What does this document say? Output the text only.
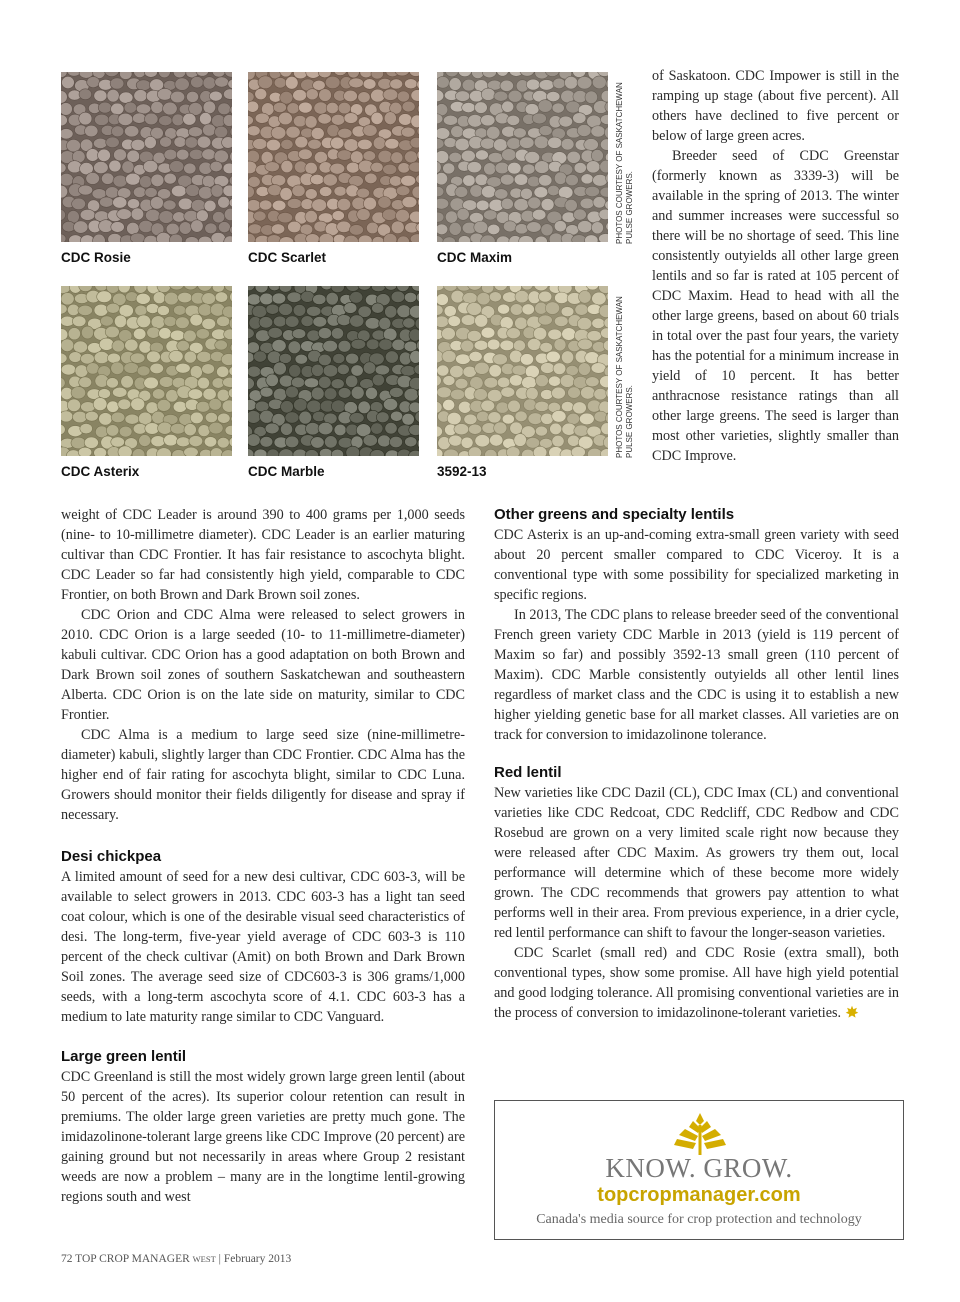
CDC Rosie	CDC Scarlet	CDC Maxim
CDC Asterix	CDC Marble	3592-13
PHOTOS COURTESY OF SASKATCHEWAN PULSE GROWERS.
PHOTOS COURTESY OF SASKATCHEWAN PULSE GROWERS.

of Saskatoon. CDC Impower is still in the ramping up stage (about five percent). All others have declined to five percent or below of large green acres.

Breeder seed of CDC Greenstar (formerly known as 3339-3) will be available in the spring of 2013. The winter and summer increases were successful so there will be no shortage of seed. This line consistently outyields all other large green lentils and so far is rated at 105 percent of CDC Maxim. Head to head with all the other large greens, based on about 60 trials in total over the past four years, the variety has the potential for a minimum increase in yield of 10 percent. It has better anthracnose resistance ratings than all other large greens. The seed is larger than most other varieties, slightly smaller than CDC Improve.

weight of CDC Leader is around 390 to 400 grams per 1,000 seeds (nine- to 10-millimetre diameter). CDC Leader is an earlier maturing cultivar than CDC Frontier. It has fair resistance to ascochyta blight. CDC Leader so far had consistently high yield, comparable to CDC Frontier, on both Brown and Dark Brown soil zones.

CDC Orion and CDC Alma were released to select growers in 2010. CDC Orion is a large seeded (10- to 11-millimetre-diameter) kabuli cultivar. CDC Orion has a good adaptation on both Brown and Dark Brown soil zones of southern Saskatchewan and southeastern Alberta. CDC Orion is on the late side on maturity, similar to CDC Frontier.

CDC Alma is a medium to large seed size (nine-millimetre-diameter) kabuli, slightly larger than CDC Frontier. CDC Alma has the higher end of fair rating for ascochyta blight, similar to CDC Luna. Growers should monitor their fields diligently for disease and spray if necessary.

Desi chickpea

A limited amount of seed for a new desi cultivar, CDC 603-3, will be available to select growers in 2013. CDC 603-3 has a light tan seed coat colour, which is one of the desirable visual seed characteristics of desi. The long-term, five-year yield average of CDC 603-3 is 110 percent of the check cultivar (Amit) on both Brown and Dark Brown Soil zones. The average seed size of CDC603-3 is 306 grams/1,000 seeds, with a long-term ascochyta score of 4.1. CDC 603-3 has a medium to late maturity range similar to CDC Vanguard.

Large green lentil

CDC Greenland is still the most widely grown large green lentil (about 50 percent of the acres). Its superior colour retention can result in premiums. The older large green varieties are pretty much gone. The imidazolinone-tolerant large greens like CDC Improve (20 percent) are gaining ground but not necessarily in areas where Group 2 resistant weeds are now a problem – many are in the longtime lentil-growing regions south and west

Other greens and specialty lentils

CDC Asterix is an up-and-coming extra-small green variety with seed about 20 percent smaller compared to CDC Viceroy. It is a conventional type with some possibility for specialized marketing in specific regions.

In 2013, The CDC plans to release breeder seed of the conventional French green variety CDC Marble in 2013 (yield is 119 percent of Maxim so far) and possibly 3592-13 small green (110 percent of Maxim). CDC Marble consistently outyields all other lentil lines regardless of market class and the CDC is using it to establish a new higher yielding genetic base for all market classes. All varieties are on track for conversion to imidazolinone tolerance.

Red lentil

New varieties like CDC Dazil (CL), CDC Imax (CL) and conventional varieties like CDC Redcoat, CDC Redcliff, CDC Redbow and CDC Rosebud are grown on a very limited scale right now because they were released after CDC Maxim. As growers try them out, local performance will determine which of these become more widely grown. The CDC recommends that growers pay attention to what performs well in their area. From previous experience, in a drier cycle, red lentil performance can shift to favour the longer-season varieties.

CDC Scarlet (small red) and CDC Rosie (extra small), both conventional types, show some promise. All have high yield potential and good lodging tolerance. All promising conventional varieties are in the process of conversion to imidazolinone-tolerant varieties.

KNOW. GROW.
topcropmanager.com
Canada's media source for crop protection and technology
72 TOP CROP MANAGER WEST | February 2013
